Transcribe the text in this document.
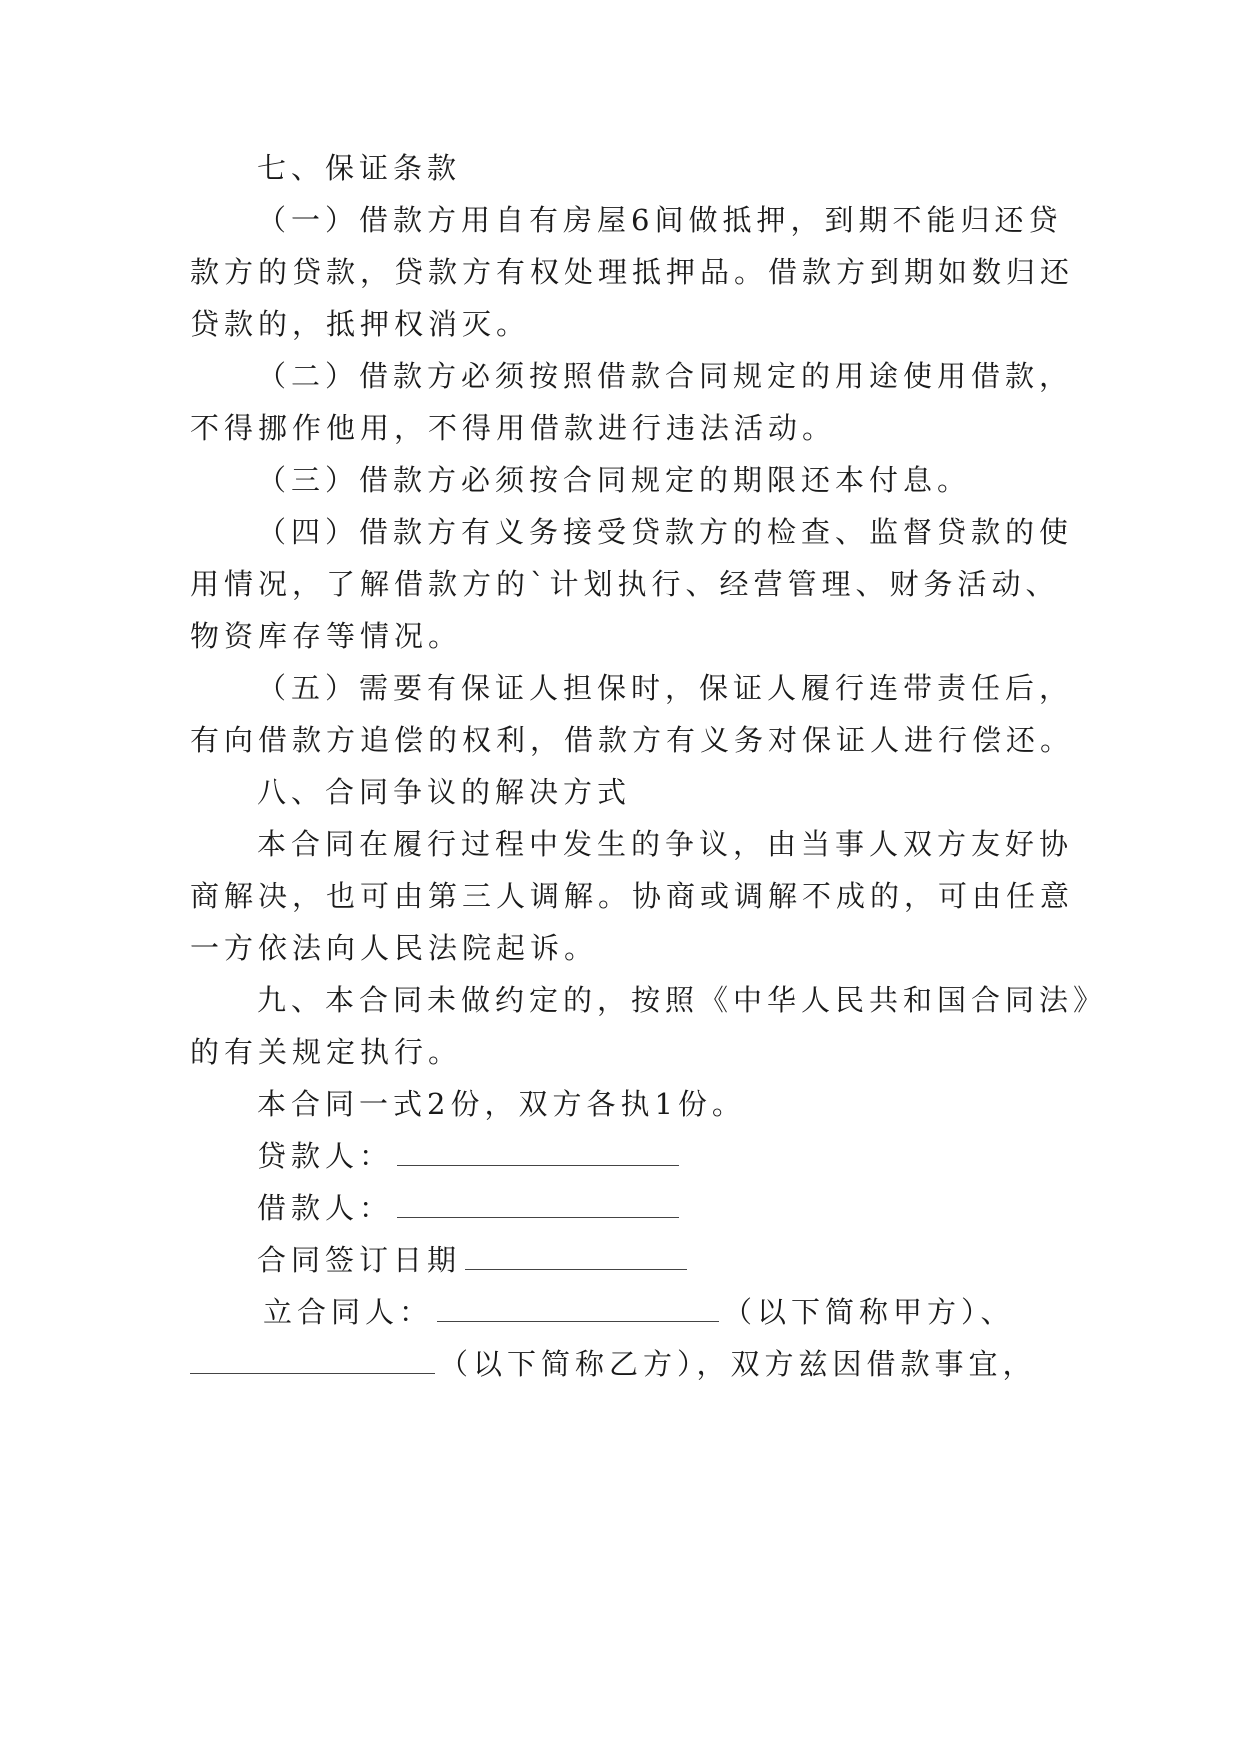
七、保证条款
（一）借款方用自有房屋6间做抵押，到期不能归还贷
款方的贷款，贷款方有权处理抵押品。借款方到期如数归还
贷款的，抵押权消灭。
（二）借款方必须按照借款合同规定的用途使用借款，
不得挪作他用，不得用借款进行违法活动。
（三）借款方必须按合同规定的期限还本付息。
（四）借款方有义务接受贷款方的检查、监督贷款的使
用情况，了解借款方的`计划执行、经营管理、财务活动、
物资库存等情况。
（五）需要有保证人担保时，保证人履行连带责任后，
有向借款方追偿的权利，借款方有义务对保证人进行偿还。
八、合同争议的解决方式
本合同在履行过程中发生的争议，由当事人双方友好协
商解决，也可由第三人调解。协商或调解不成的，可由任意
一方依法向人民法院起诉。
九、本合同未做约定的，按照《中华人民共和国合同法》
的有关规定执行。
本合同一式2份，双方各执1份。
贷款人：
借款人：
合同签订日期
立合同人：	（以下简称甲方）、
（以下简称乙方），双方兹因借款事宜，
